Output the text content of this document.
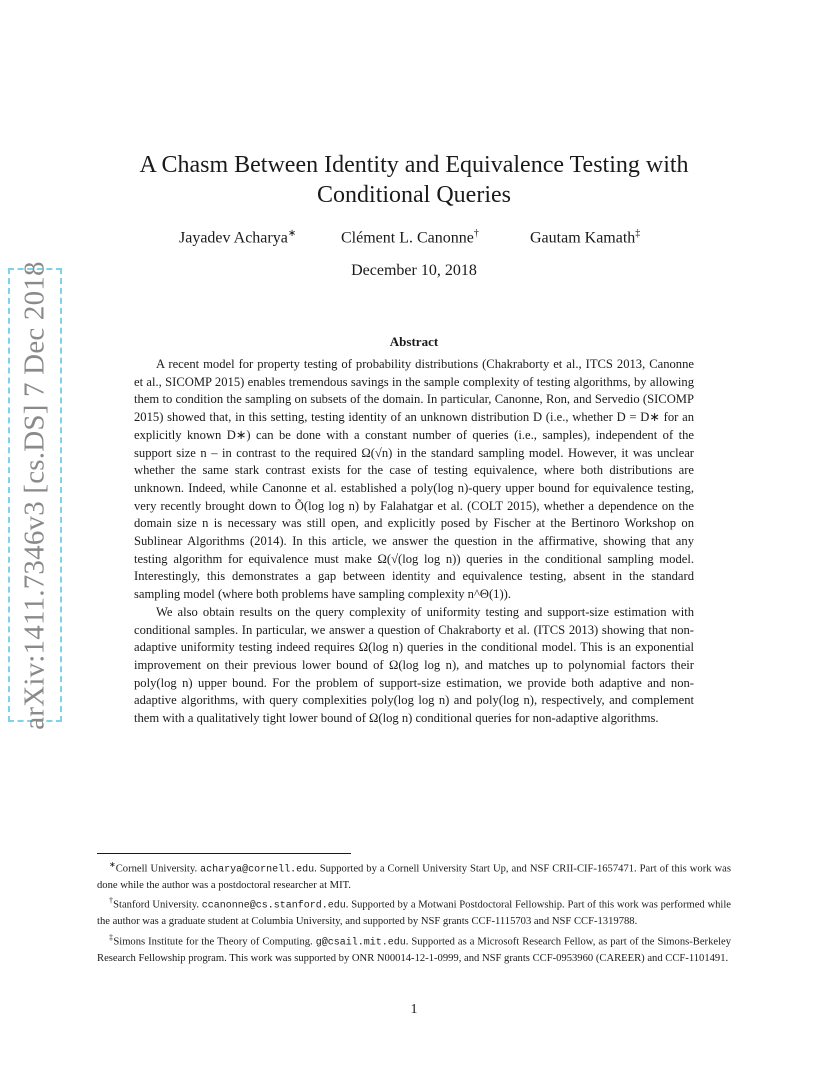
arXiv:1411.7346v3 [cs.DS] 7 Dec 2018
A Chasm Between Identity and Equivalence Testing with
Conditional Queries
Jayadev Acharya∗	Clément L. Canonne†	Gautam Kamath‡
December 10, 2018
Abstract

A recent model for property testing of probability distributions (Chakraborty et al., ITCS 2013, Canonne et al., SICOMP 2015) enables tremendous savings in the sample complexity of testing algorithms, by allowing them to condition the sampling on subsets of the domain. In particular, Canonne, Ron, and Servedio (SICOMP 2015) showed that, in this setting, testing identity of an unknown distribution D (i.e., whether D = D∗ for an explicitly known D∗) can be done with a constant number of queries (i.e., samples), independent of the support size n – in contrast to the required Ω(√n) in the standard sampling model. However, it was unclear whether the same stark contrast exists for the case of testing equivalence, where both distributions are unknown. Indeed, while Canonne et al. established a poly(log n)-query upper bound for equivalence testing, very recently brought down to Õ(log log n) by Falahatgar et al. (COLT 2015), whether a dependence on the domain size n is necessary was still open, and explicitly posed by Fischer at the Bertinoro Workshop on Sublinear Algorithms (2014). In this article, we answer the question in the affirmative, showing that any testing algorithm for equivalence must make Ω(√(log log n)) queries in the conditional sampling model. Interestingly, this demonstrates a gap between identity and equivalence testing, absent in the standard sampling model (where both problems have sampling complexity n^Θ(1)).

We also obtain results on the query complexity of uniformity testing and support-size estimation with conditional samples. In particular, we answer a question of Chakraborty et al. (ITCS 2013) showing that non-adaptive uniformity testing indeed requires Ω(log n) queries in the conditional model. This is an exponential improvement on their previous lower bound of Ω(log log n), and matches up to polynomial factors their poly(log n) upper bound. For the problem of support-size estimation, we provide both adaptive and non-adaptive algorithms, with query complexities poly(log log n) and poly(log n), respectively, and complement them with a qualitatively tight lower bound of Ω(log n) conditional queries for non-adaptive algorithms.

∗Cornell University. acharya@cornell.edu. Supported by a Cornell University Start Up, and NSF CRII-CIF-1657471. Part of this work was done while the author was a postdoctoral researcher at MIT.

†Stanford University. ccanonne@cs.stanford.edu. Supported by a Motwani Postdoctoral Fellowship. Part of this work was performed while the author was a graduate student at Columbia University, and supported by NSF grants CCF-1115703 and NSF CCF-1319788.

‡Simons Institute for the Theory of Computing. g@csail.mit.edu. Supported as a Microsoft Research Fellow, as part of the Simons-Berkeley Research Fellowship program. This work was supported by ONR N00014-12-1-0999, and NSF grants CCF-0953960 (CAREER) and CCF-1101491.

1
